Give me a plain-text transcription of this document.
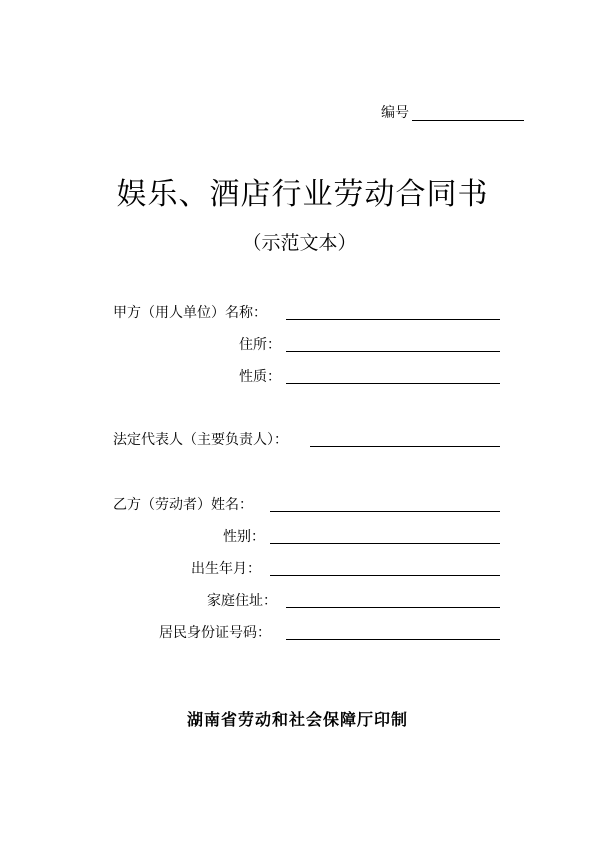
编号
娱乐、酒店行业劳动合同书
（示范文本）
甲方（用人单位）名称：
住所：
性质：
法定代表人（主要负责人）：
乙方（劳动者）姓名：
性别：
出生年月：
家庭住址：
居民身份证号码：
湖南省劳动和社会保障厅印制
